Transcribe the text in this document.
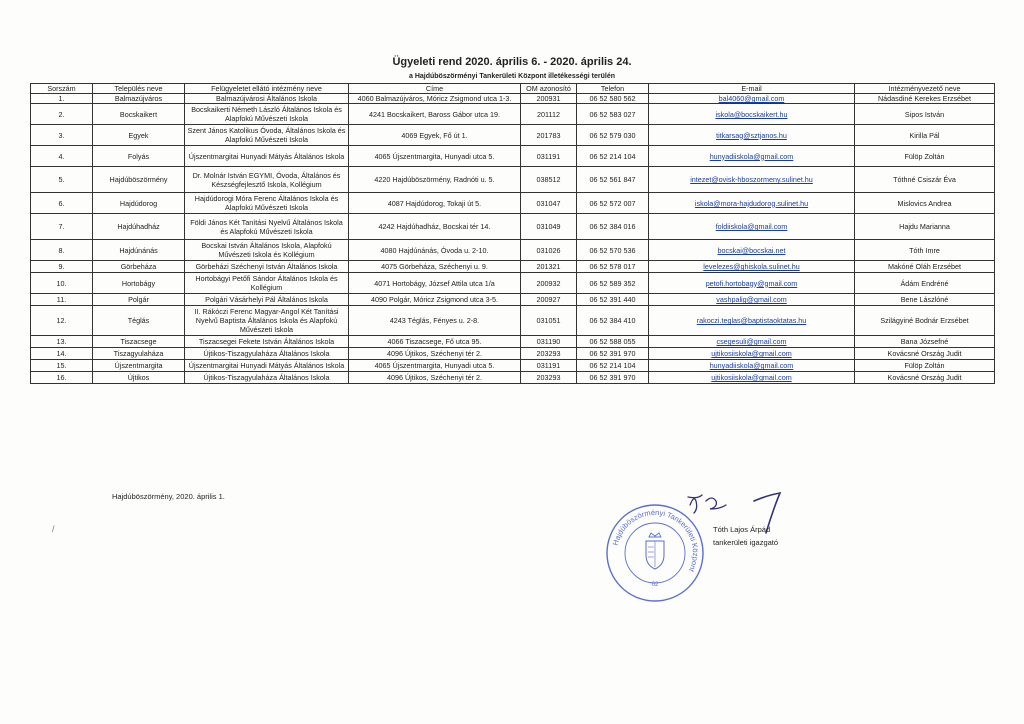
Ügyeleti rend 2020. április 6. - 2020. április 24.
a Hajdúböszörményi Tankerületi Központ illetékességi terülén
Sorszám	Település neve	Felügyeletet ellátó intézmény neve	Címe	OM azonosító	Telefon	E-mail	Intézményvezető neve
1.	Balmazújváros	Balmazújvárosi Általános Iskola	4060 Balmazújváros, Móricz Zsigmond utca 1-3.	200931	06 52 580 562	bal4060@gmail.com	Nádasdiné Kerekes Erzsébet
2.	Bocskaikert	Bocskaikerti Németh László Általános Iskola és Alapfokú Művészeti Iskola	4241 Bocskaikert, Baross Gábor utca 19.	201112	06 52 583 027	iskola@bocskaikert.hu	Sipos István
3.	Egyek	Szent János Katolikus Óvoda, Általános Iskola és Alapfokú Művészeti Iskola	4069 Egyek, Fő út 1.	201783	06 52 579 030	titkarsag@sztjanos.hu	Kirilla Pál
4.	Folyás	Újszentmargitai Hunyadi Mátyás Általános Iskola	4065 Újszentmargita, Hunyadi utca 5.	031191	06 52 214 104	hunyadiiskola@gmail.com	Fülöp Zoltán
5.	Hajdúböszörmény	Dr. Molnár István EGYMI, Óvoda, Általános és Készségfejlesztő Iskola, Kollégium	4220 Hajdúböszörmény, Radnóti u. 5.	038512	06 52 561 847	intezet@ovisk-hboszormeny.sulinet.hu	Tóthné Csiszár Éva
6.	Hajdúdorog	Hajdúdorogi Móra Ferenc Általános Iskola és Alapfokú Művészeti Iskola	4087 Hajdúdorog, Tokaji út 5.	031047	06 52 572 007	iskola@mora-hajdudorog.sulinet.hu	Mislovics Andrea
7.	Hajdúhadház	Földi János Két Tanítási Nyelvű Általános Iskola és Alapfokú Művészeti Iskola	4242 Hajdúhadház, Bocskai tér 14.	031049	06 52 384 016	foldiiskola@gmail.com	Hajdu Marianna
8.	Hajdúnánás	Bocskai István Általános Iskola, Alapfokú Művészeti Iskola és Kollégium	4080 Hajdúnánás, Óvoda u. 2-10.	031026	06 52 570 536	bocskai@bocskai.net	Tóth Imre
9.	Görbeháza	Görbeházi Széchenyi István Általános Iskola	4075 Görbeháza, Széchenyi u. 9.	201321	06 52 578 017	levelezes@ghiskola.sulinet.hu	Makóné Oláh Erzsébet
10.	Hortobágy	Hortobágyi Petőfi Sándor Általános Iskola és Kollégium	4071 Hortobágy, József Attila utca 1/a	200932	06 52 589 352	petofi.hortobagy@gmail.com	Ádám Endréné
11.	Polgár	Polgári Vásárhelyi Pál Általános Iskola	4090 Polgár, Móricz Zsigmond utca 3-5.	200927	06 52 391 440	vashpalig@gmail.com	Bene Lászlóné
12.	Téglás	II. Rákóczi Ferenc Magyar-Angol Két Tanítási Nyelvű Baptista Általános Iskola és Alapfokú Művészeti Iskola	4243 Téglás, Fényes u. 2-8.	031051	06 52 384 410	rakoczi.teglas@baptistaoktatas.hu	Szilágyiné Bodnár Erzsébet
13.	Tiszacsege	Tiszacsegei Fekete István Általános Iskola	4066 Tiszacsege, Fő utca 95.	031190	06 52 588 055	csegesuli@gmail.com	Bana Józsefné
14.	Tiszagyulaháza	Újtikos-Tiszagyulaháza Általános Iskola	4096 Újtikos, Széchenyi tér 2.	203293	06 52 391 970	ujtikosiiskola@gmail.com	Kovácsné Ország Judit
15.	Újszentmargita	Újszentmargitai Hunyadi Mátyás Általános Iskola	4065 Újszentmargita, Hunyadi utca 5.	031191	06 52 214 104	hunyadiiskola@gmail.com	Fülöp Zoltán
16.	Újtikos	Újtikos-Tiszagyulaháza Általános Iskola	4096 Újtikos, Széchenyi tér 2.	203293	06 52 391 970	ujtikosiiskola@gmail.com	Kovácsné Ország Judit
Hajdúböszörmény, 2020. április 1.
/
Hajdúböszörményi Tankerületi Központ
02
Tóth Lajos Árpád
tankerületi igazgató
